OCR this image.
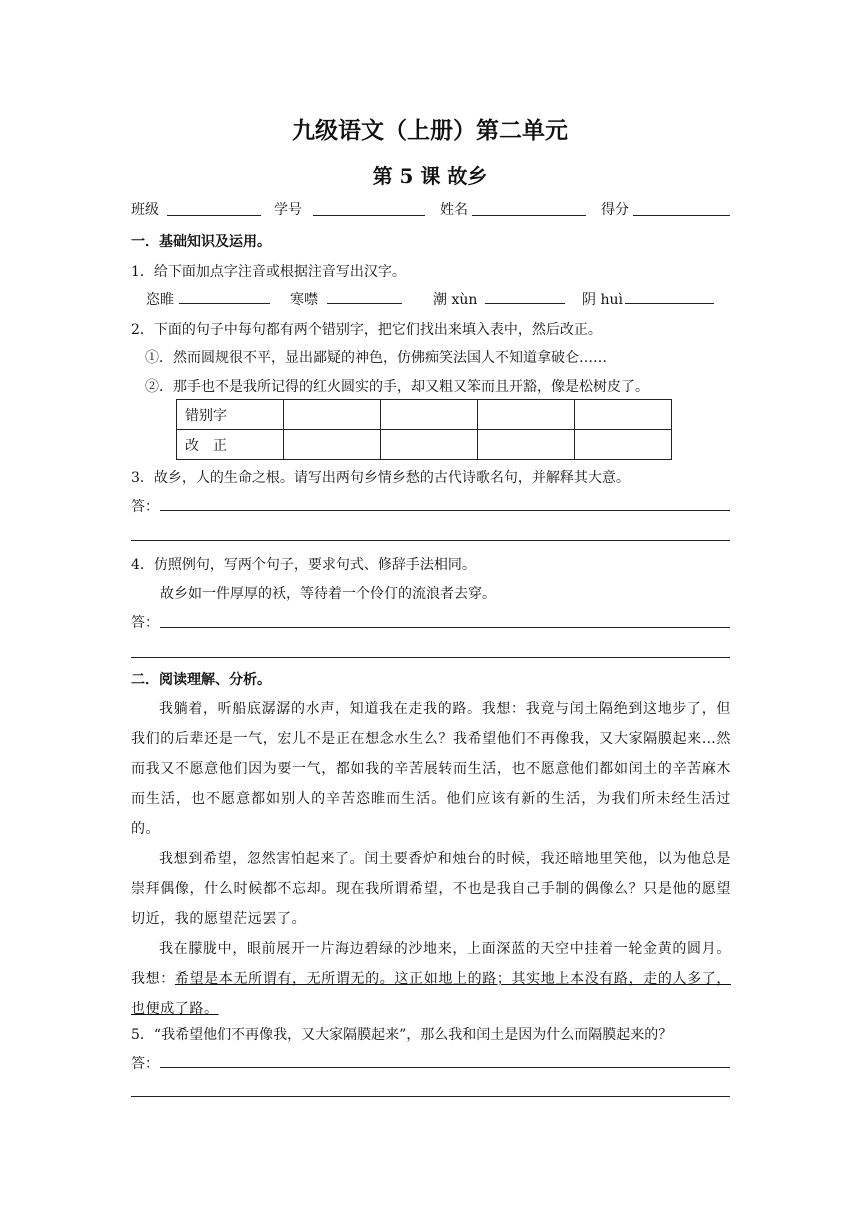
九级语文（上册）第二单元
第 5 课 故乡
班级	学号	姓名	得分
一．基础知识及运用。
1．给下面加点字注音或根据注音写出汉字。
恣睢	寒噤	潮 xùn	阴 huì
2．下面的句子中每句都有两个错别字，把它们找出来填入表中，然后改正。
①．然而圆规很不平，显出鄙疑的神色，仿佛痴笑法国人不知道拿破仑……
②．那手也不是我所记得的红火圆实的手，却又粗又笨而且开豁，像是松树皮了。
错别字				
改　正				
3．故乡，人的生命之根。请写出两句乡情乡愁的古代诗歌名句，并解释其大意。
答：
4．仿照例句，写两个句子，要求句式、修辞手法相同。
故乡如一件厚厚的袄，等待着一个伶仃的流浪者去穿。
答：
二．阅读理解、分析。

我躺着，听船底潺潺的水声，知道我在走我的路。我想：我竟与闰土隔绝到这地步了，但我们的后辈还是一气，宏儿不是正在想念水生么？我希望他们不再像我，又大家隔膜起来…然而我又不愿意他们因为要一气，都如我的辛苦展转而生活，也不愿意他们都如闰土的辛苦麻木而生活，也不愿意都如别人的辛苦恣睢而生活。他们应该有新的生活，为我们所未经生活过的。

我想到希望，忽然害怕起来了。闰土要香炉和烛台的时候，我还暗地里笑他，以为他总是崇拜偶像，什么时候都不忘却。现在我所谓希望，不也是我自己手制的偶像么？只是他的愿望切近，我的愿望茫远罢了。

我在朦胧中，眼前展开一片海边碧绿的沙地来，上面深蓝的天空中挂着一轮金黄的圆月。我想：希望是本无所谓有，无所谓无的。这正如地上的路；其实地上本没有路，走的人多了，也便成了路。

5．“我希望他们不再像我，又大家隔膜起来”，那么我和闰土是因为什么而隔膜起来的？
答：
